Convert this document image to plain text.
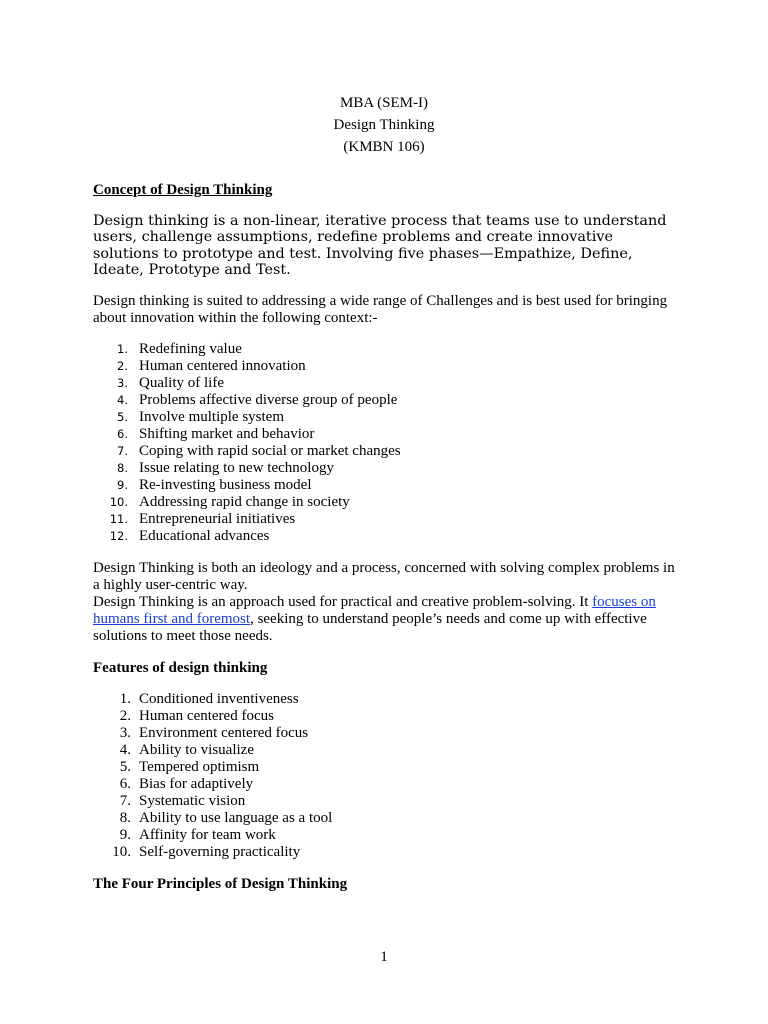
MBA (SEM-I)
Design Thinking
(KMBN 106)
Concept of Design Thinking

Design thinking is a non-linear, iterative process that teams use to understand users, challenge assumptions, redefine problems and create innovative solutions to prototype and test. Involving five phases—Empathize, Define, Ideate, Prototype and Test.

Design thinking is suited to addressing a wide range of Challenges and is best used for bringing about innovation within the following context:-

1. Redefining value
2. Human centered innovation
3. Quality of life
4. Problems affective diverse group of people
5. Involve multiple system
6. Shifting market and behavior
7. Coping with rapid social or market changes
8. Issue relating to new technology
9. Re-investing business model
10. Addressing rapid change in society
11. Entrepreneurial initiatives
12. Educational advances

Design Thinking is both an ideology and a process, concerned with solving complex problems in a highly user-centric way.

Design Thinking is an approach used for practical and creative problem-solving. It focuses on humans first and foremost, seeking to understand people’s needs and come up with effective solutions to meet those needs.

Features of design thinking
1. Conditioned inventiveness
2. Human centered focus
3. Environment centered focus
4. Ability to visualize
5. Tempered optimism
6. Bias for adaptively
7. Systematic vision
8. Ability to use language as a tool
9. Affinity for team work
10. Self-governing practicality
The Four Principles of Design Thinking
1
